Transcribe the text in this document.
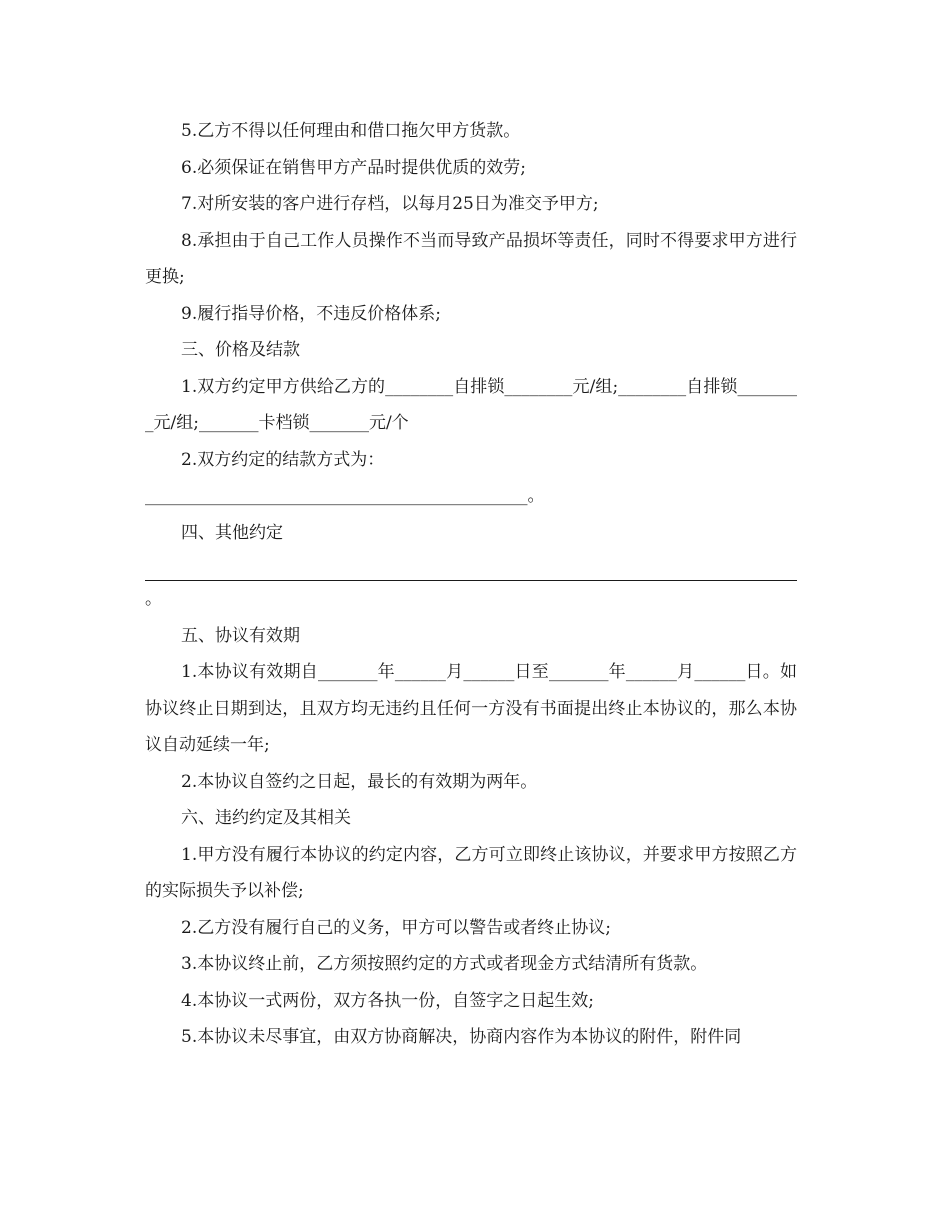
5.乙方不得以任何理由和借口拖欠甲方货款。

6.必须保证在销售甲方产品时提供优质的效劳;

7.对所安装的客户进行存档，以每月25日为准交予甲方;

8.承担由于自己工作人员操作不当而导致产品损坏等责任，同时不得要求甲方进行更换;

9.履行指导价格，不违反价格体系;

三、价格及结款

1.双方约定甲方供给乙方的________自排锁________元/组;________自排锁________元/组;_______卡档锁_______元/个

2.双方约定的结款方式为：

_____________________________________________。

四、其他约定

。

五、协议有效期

1.本协议有效期自_______年______月______日至_______年______月______日。如协议终止日期到达，且双方均无违约且任何一方没有书面提出终止本协议的，那么本协议自动延续一年;

2.本协议自签约之日起，最长的有效期为两年。

六、违约约定及其相关

1.甲方没有履行本协议的约定内容，乙方可立即终止该协议，并要求甲方按照乙方的实际损失予以补偿;

2.乙方没有履行自己的义务，甲方可以警告或者终止协议;

3.本协议终止前，乙方须按照约定的方式或者现金方式结清所有货款。

4.本协议一式两份，双方各执一份，自签字之日起生效;

5.本协议未尽事宜，由双方协商解决，协商内容作为本协议的附件，附件同
